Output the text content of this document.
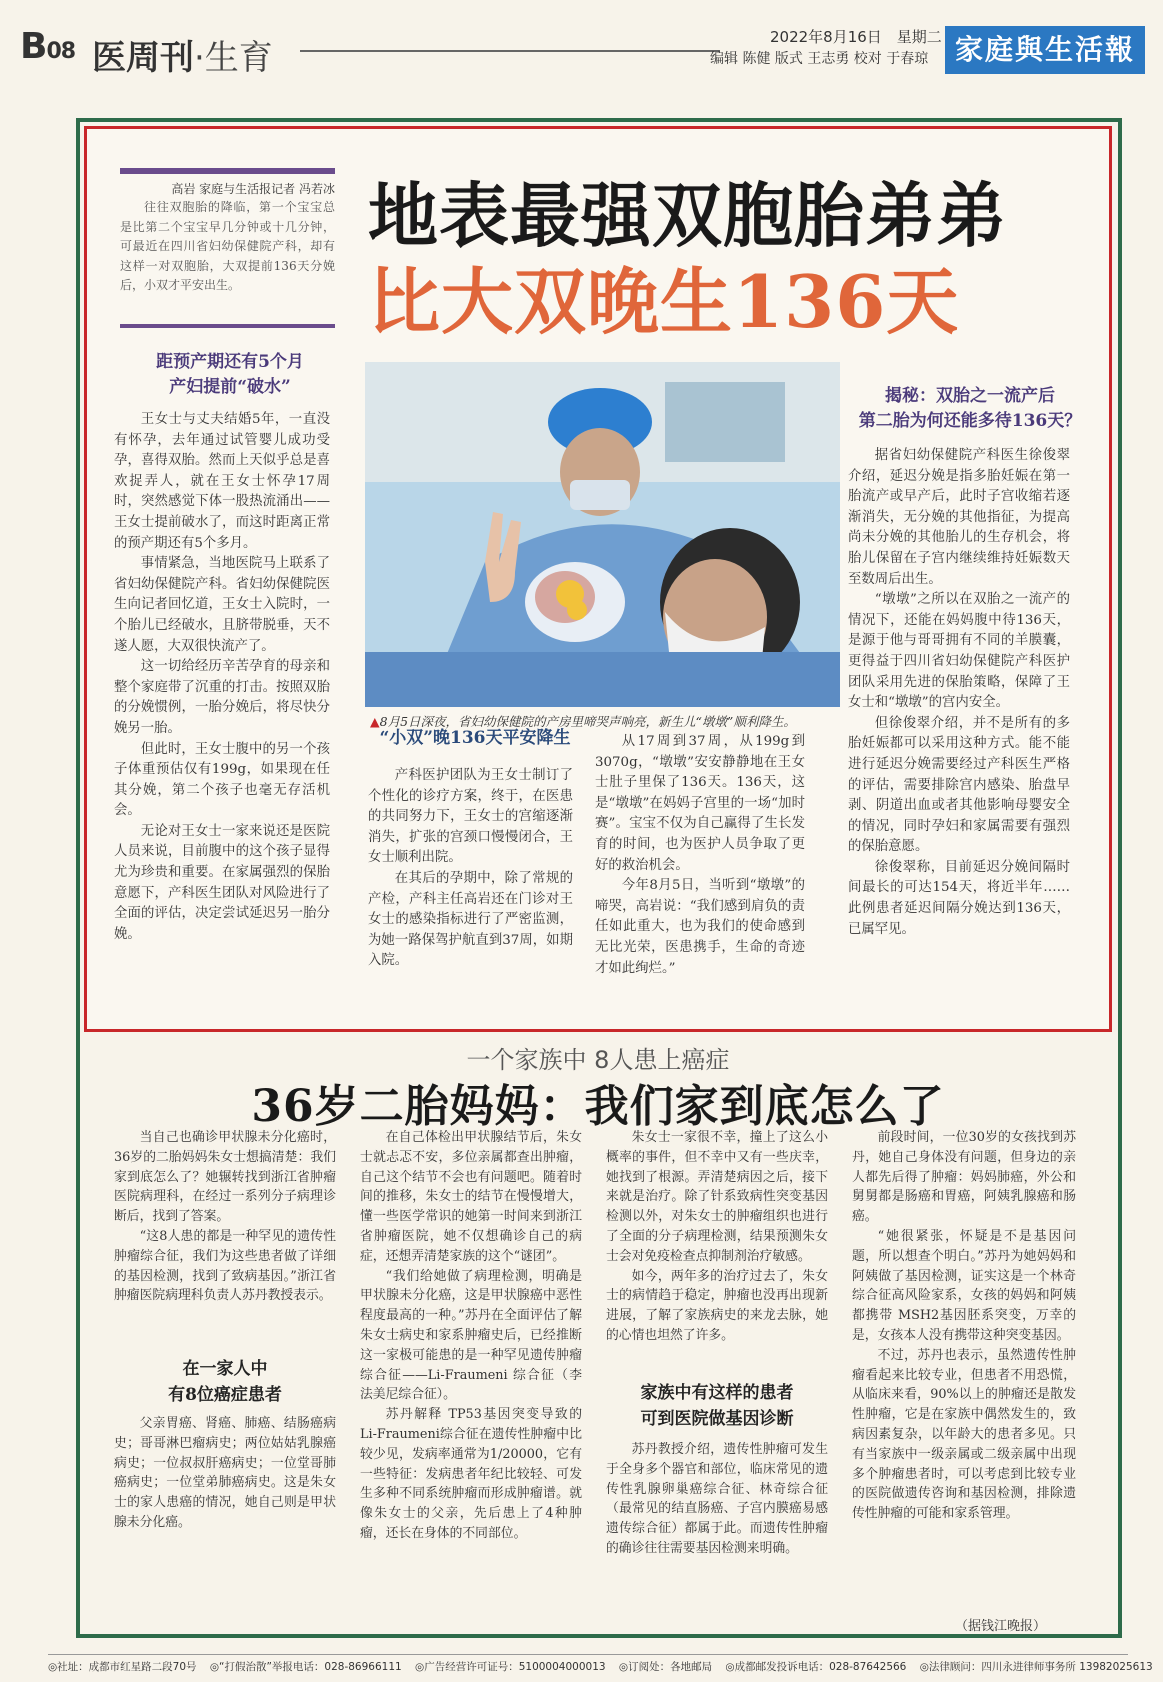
B08 医周刊·生育
2022年8月16日　星期二
编辑 陈健 版式 王志勇 校对 于春琼 家庭與生活報
高岩 家庭与生活报记者 冯若冰
往往双胞胎的降临，第一个宝宝总是比第二个宝宝早几分钟或十几分钟，可最近在四川省妇幼保健院产科，却有这样一对双胞胎，大双提前136天分娩后，小双才平安出生。
地表最强双胞胎弟弟
比大双晚生136天
▲8月5日深夜，省妇幼保健院的产房里啼哭声响亮，新生儿“墩墩”顺利降生。
距预产期还有5个月
产妇提前“破水”

王女士与丈夫结婚5年，一直没有怀孕，去年通过试管婴儿成功受孕，喜得双胎。然而上天似乎总是喜欢捉弄人，就在王女士怀孕17周时，突然感觉下体一股热流涌出——王女士提前破水了，而这时距离正常的预产期还有5个多月。

事情紧急，当地医院马上联系了省妇幼保健院产科。省妇幼保健院医生向记者回忆道，王女士入院时，一个胎儿已经破水，且脐带脱垂，天不遂人愿，大双很快流产了。

这一切给经历辛苦孕育的母亲和整个家庭带了沉重的打击。按照双胎的分娩惯例，一胎分娩后，将尽快分娩另一胎。

但此时，王女士腹中的另一个孩子体重预估仅有199g，如果现在任其分娩，第二个孩子也毫无存活机会。

无论对王女士一家来说还是医院人员来说，目前腹中的这个孩子显得尤为珍贵和重要。在家属强烈的保胎意愿下，产科医生团队对风险进行了全面的评估，决定尝试延迟另一胎分娩。

“小双”晚136天平安降生

产科医护团队为王女士制订了个性化的诊疗方案，终于，在医患的共同努力下，王女士的宫缩逐渐消失，扩张的宫颈口慢慢闭合，王女士顺利出院。

在其后的孕期中，除了常规的产检，产科主任高岩还在门诊对王女士的感染指标进行了严密监测，为她一路保驾护航直到37周，如期入院。

从17周到37周，从199g到3070g，“墩墩”安安静静地在王女士肚子里保了136天。136天，这是“墩墩”在妈妈子宫里的一场“加时赛”。宝宝不仅为自己赢得了生长发育的时间，也为医护人员争取了更好的救治机会。

今年8月5日，当听到“墩墩”的啼哭，高岩说：“我们感到肩负的责任如此重大，也为我们的使命感到无比光荣，医患携手，生命的奇迹才如此绚烂。”

揭秘：双胎之一流产后
第二胎为何还能多待136天？

据省妇幼保健院产科医生徐俊翠介绍，延迟分娩是指多胎妊娠在第一胎流产或早产后，此时子宫收缩若逐渐消失，无分娩的其他指征，为提高尚未分娩的其他胎儿的生存机会，将胎儿保留在子宫内继续维持妊娠数天至数周后出生。

“墩墩”之所以在双胎之一流产的情况下，还能在妈妈腹中待136天，是源于他与哥哥拥有不同的羊膜囊，更得益于四川省妇幼保健院产科医护团队采用先进的保胎策略，保障了王女士和“墩墩”的宫内安全。

但徐俊翠介绍，并不是所有的多胎妊娠都可以采用这种方式。能不能进行延迟分娩需要经过产科医生严格的评估，需要排除宫内感染、胎盘早剥、阴道出血或者其他影响母婴安全的情况，同时孕妇和家属需要有强烈的保胎意愿。

徐俊翠称，目前延迟分娩间隔时间最长的可达154天，将近半年……此例患者延迟间隔分娩达到136天，已属罕见。

一个家族中 8人患上癌症
36岁二胎妈妈：我们家到底怎么了

当自己也确诊甲状腺未分化癌时，36岁的二胎妈妈朱女士想搞清楚：我们家到底怎么了？她辗转找到浙江省肿瘤医院病理科，在经过一系列分子病理诊断后，找到了答案。

“这8人患的都是一种罕见的遗传性肿瘤综合征，我们为这些患者做了详细的基因检测，找到了致病基因。”浙江省肿瘤医院病理科负责人苏丹教授表示。

在一家人中
有8位癌症患者

父亲胃癌、肾癌、肺癌、结肠癌病史；哥哥淋巴瘤病史；两位姑姑乳腺癌病史；一位叔叔肝癌病史；一位堂哥肺癌病史；一位堂弟肺癌病史。这是朱女士的家人患癌的情况，她自己则是甲状腺未分化癌。

在自己体检出甲状腺结节后，朱女士就忐忑不安，多位亲属都查出肿瘤，自己这个结节不会也有问题吧。随着时间的推移，朱女士的结节在慢慢增大，懂一些医学常识的她第一时间来到浙江省肿瘤医院，她不仅想确诊自己的病症，还想弄清楚家族的这个“谜团”。

“我们给她做了病理检测，明确是甲状腺未分化癌，这是甲状腺癌中恶性程度最高的一种。”苏丹在全面评估了解朱女士病史和家系肿瘤史后，已经推断这一家极可能患的是一种罕见遗传肿瘤综合征——Li-Fraumeni 综合征（李法美尼综合征）。

苏丹解释 TP53基因突变导致的 Li-Fraumeni综合征在遗传性肿瘤中比较少见，发病率通常为1/20000，它有一些特征：发病患者年纪比较轻、可发生多种不同系统肿瘤而形成肿瘤谱。就像朱女士的父亲，先后患上了4种肿瘤，还长在身体的不同部位。

朱女士一家很不幸，撞上了这么小概率的事件，但不幸中又有一些庆幸，她找到了根源。弄清楚病因之后，接下来就是治疗。除了针系致病性突变基因检测以外，对朱女士的肿瘤组织也进行了全面的分子病理检测，结果预测朱女士会对免疫检查点抑制剂治疗敏感。

如今，两年多的治疗过去了，朱女士的病情趋于稳定，肿瘤也没再出现新进展，了解了家族病史的来龙去脉，她的心情也坦然了许多。

家族中有这样的患者
可到医院做基因诊断

苏丹教授介绍，遗传性肿瘤可发生于全身多个器官和部位，临床常见的遗传性乳腺卵巢癌综合征、林奇综合征（最常见的结直肠癌、子宫内膜癌易感遗传综合征）都属于此。而遗传性肿瘤的确诊往往需要基因检测来明确。

前段时间，一位30岁的女孩找到苏丹，她自己身体没有问题，但身边的亲人都先后得了肿瘤：妈妈肺癌，外公和舅舅都是肠癌和胃癌，阿姨乳腺癌和肠癌。

“她很紧张，怀疑是不是基因问题，所以想查个明白。”苏丹为她妈妈和阿姨做了基因检测，证实这是一个林奇综合征高风险家系，女孩的妈妈和阿姨都携带 MSH2基因胚系突变，万幸的是，女孩本人没有携带这种突变基因。

不过，苏丹也表示，虽然遗传性肿瘤看起来比较专业，但患者不用恐慌，从临床来看，90%以上的肿瘤还是散发性肿瘤，它是在家族中偶然发生的，致病因素复杂，以年龄大的患者多见。只有当家族中一级亲属或二级亲属中出现多个肿瘤患者时，可以考虑到比较专业的医院做遗传咨询和基因检测，排除遗传性肿瘤的可能和家系管理。

（据钱江晚报）
◎社址：成都市红星路二段70号 ◎“打假治散”举报电话：028-86966111 ◎广告经营许可证号：5100004000013 ◎订阅处：各地邮局 ◎成都邮发投诉电话：028-87642566 ◎法律顾问：四川永进律师事务所 13982025613
